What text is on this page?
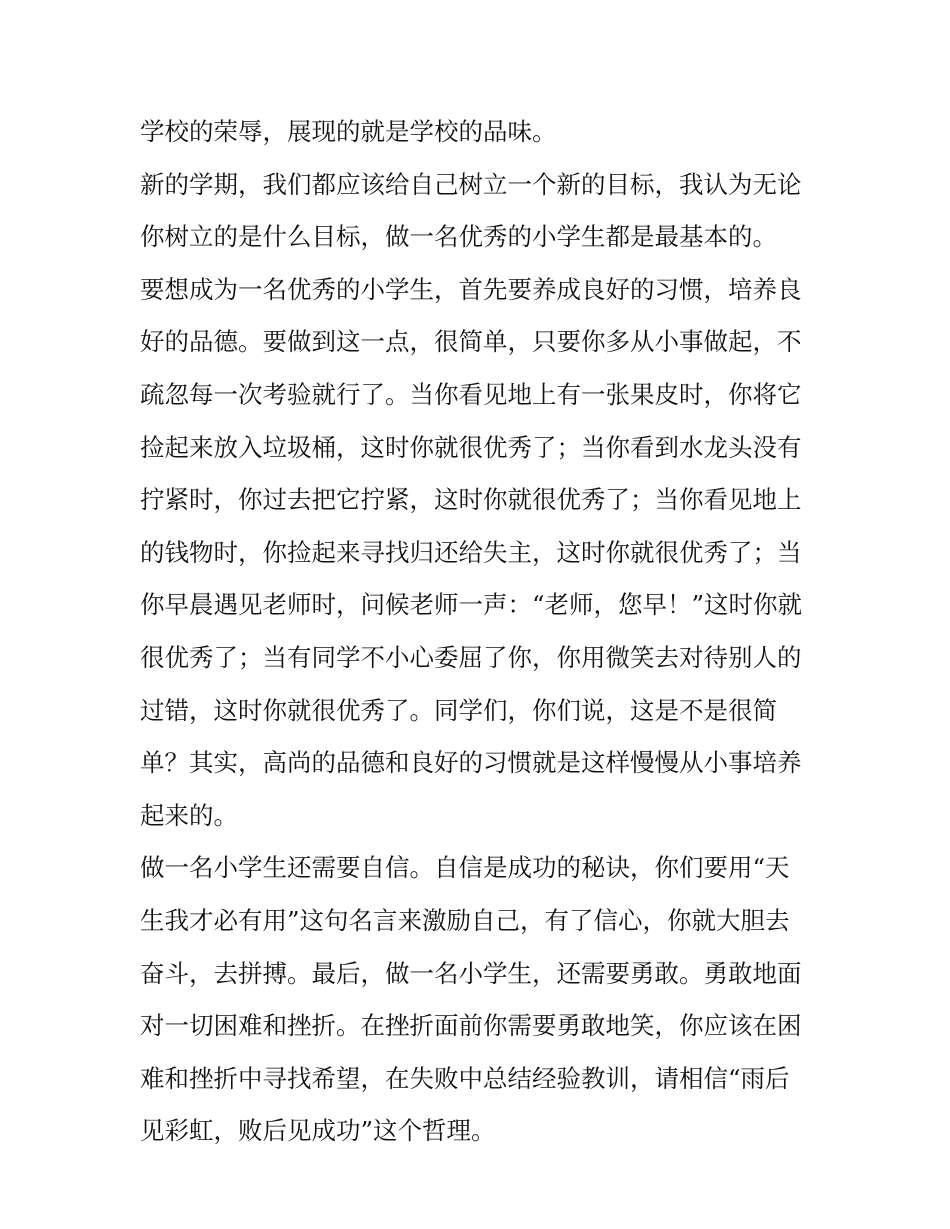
学校的荣辱，展现的就是学校的品味。
新的学期，我们都应该给自己树立一个新的目标，我认为无论
你树立的是什么目标，做一名优秀的小学生都是最基本的。
要想成为一名优秀的小学生，首先要养成良好的习惯，培养良
好的品德。要做到这一点，很简单，只要你多从小事做起，不
疏忽每一次考验就行了。当你看见地上有一张果皮时，你将它
捡起来放入垃圾桶，这时你就很优秀了；当你看到水龙头没有
拧紧时，你过去把它拧紧，这时你就很优秀了；当你看见地上
的钱物时，你捡起来寻找归还给失主，这时你就很优秀了；当
你早晨遇见老师时，问候老师一声：“老师，您早！”这时你就
很优秀了；当有同学不小心委屈了你，你用微笑去对待别人的
过错，这时你就很优秀了。同学们，你们说，这是不是很简
单？其实，高尚的品德和良好的习惯就是这样慢慢从小事培养
起来的。
做一名小学生还需要自信。自信是成功的秘诀，你们要用“天
生我才必有用”这句名言来激励自己，有了信心，你就大胆去
奋斗，去拼搏。最后，做一名小学生，还需要勇敢。勇敢地面
对一切困难和挫折。在挫折面前你需要勇敢地笑，你应该在困
难和挫折中寻找希望，在失败中总结经验教训，请相信“雨后
见彩虹，败后见成功”这个哲理。
